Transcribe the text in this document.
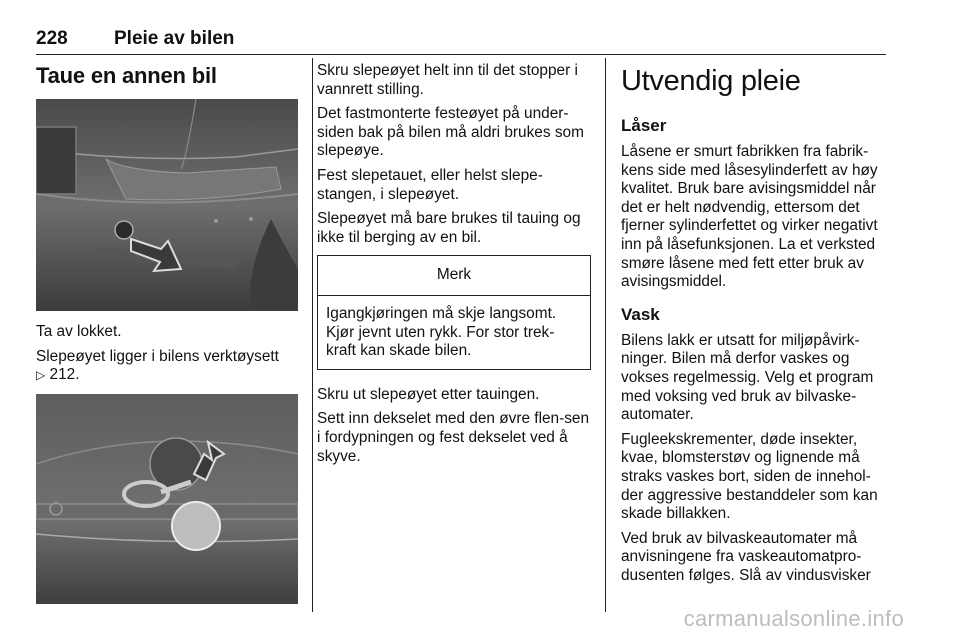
228 Pleie av bilen
Taue en annen bil

Ta av lokket.

Slepeøyet ligger i bilens verktøysett
▷ 212.

Skru slepeøyet helt inn til det stopper i vannrett stilling.

Det fastmonterte festeøyet på under-siden bak på bilen må aldri brukes som slepeøye.

Fest slepetauet, eller helst slepe-stangen, i slepeøyet.

Slepeøyet må bare brukes til tauing og ikke til berging av en bil.

Merk
Igangkjøringen må skje langsomt. Kjør jevnt uten rykk. For stor trek-kraft kan skade bilen.

Skru ut slepeøyet etter tauingen.

Sett inn dekselet med den øvre flen-sen i fordypningen og fest dekselet ved å skyve.

Utvendig pleie
Låser

Låsene er smurt fabrikken fra fabrik-kens side med låsesylinderfett av høy kvalitet. Bruk bare avisingsmiddel når det er helt nødvendig, ettersom det fjerner sylinderfettet og virker negativt inn på låsefunksjonen. La et verksted smøre låsene med fett etter bruk av avisingsmiddel.

Vask

Bilens lakk er utsatt for miljøpåvirk-ninger. Bilen må derfor vaskes og vokses regelmessig. Velg et program med voksing ved bruk av bilvaske-automater.

Fugleekskrementer, døde insekter, kvae, blomsterstøv og lignende må straks vaskes bort, siden de innehol-der aggressive bestanddeler som kan skade billakken.

Ved bruk av bilvaskeautomater må anvisningene fra vaskeautomatpro-dusenten følges. Slå av vindusvisker

carmanualsonline.info
